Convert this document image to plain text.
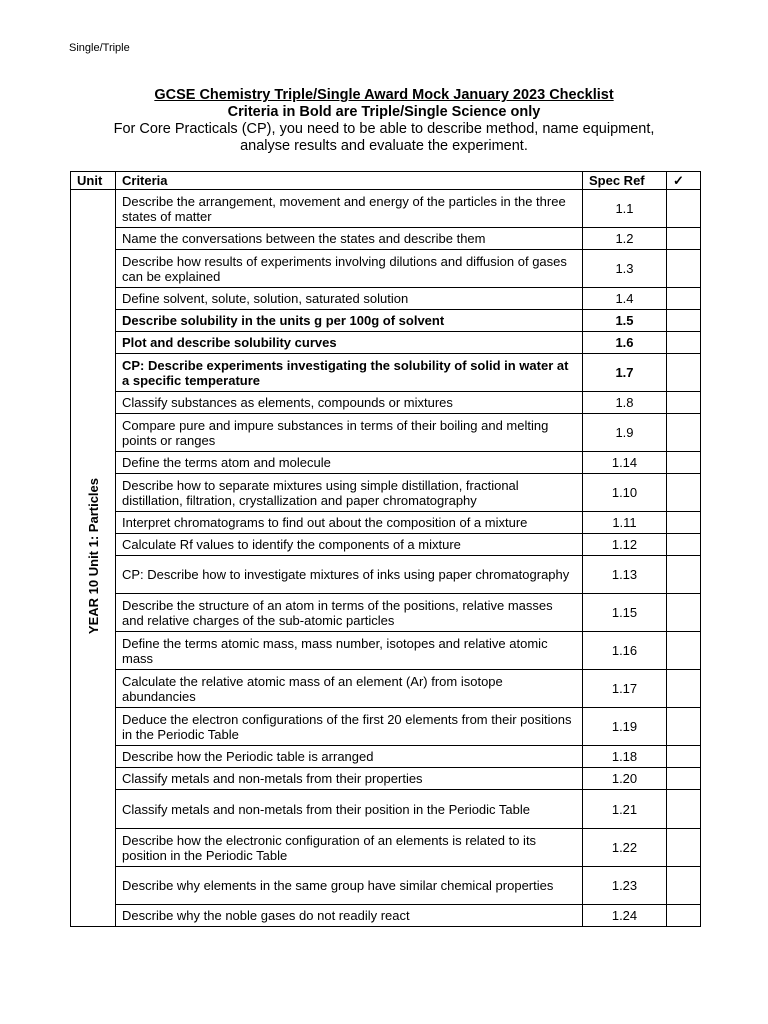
Single/Triple
GCSE Chemistry Triple/Single Award Mock January 2023 Checklist
Criteria in Bold are Triple/Single Science only
For Core Practicals (CP), you need to be able to describe method, name equipment,
analyse results and evaluate the experiment.
Unit	Criteria	Spec Ref	✓
YEAR 10 Unit 1: Particles	Describe the arrangement, movement and energy of the particles in the three states of matter	1.1	
	Name the conversations between the states and describe them	1.2	
	Describe how results of experiments involving dilutions and diffusion of gases can be explained	1.3	
	Define solvent, solute, solution, saturated solution	1.4	
	Describe solubility in the units g per 100g of solvent	1.5	
	Plot and describe solubility curves	1.6	
	CP: Describe experiments investigating the solubility of solid in water at a specific temperature	1.7	
	Classify substances as elements, compounds or mixtures	1.8	
	Compare pure and impure substances in terms of their boiling and melting points or ranges	1.9	
	Define the terms atom and molecule	1.14	
	Describe how to separate mixtures using simple distillation, fractional distillation, filtration, crystallization and paper chromatography	1.10	
	Interpret chromatograms to find out about the composition of a mixture	1.11	
	Calculate Rf values to identify the components of a mixture	1.12	
	CP: Describe how to investigate mixtures of inks using paper chromatography	1.13	
	Describe the structure of an atom in terms of the positions, relative masses and relative charges of the sub-atomic particles	1.15	
	Define the terms atomic mass, mass number, isotopes and relative atomic mass	1.16	
	Calculate the relative atomic mass of an element (Ar) from isotope abundancies	1.17	
	Deduce the electron configurations of the first 20 elements from their positions in the Periodic Table	1.19	
	Describe how the Periodic table is arranged	1.18	
	Classify metals and non-metals from their properties	1.20	
	Classify metals and non-metals from their position in the Periodic Table	1.21	
	Describe how the electronic configuration of an elements is related to its position in the Periodic Table	1.22	
	Describe why elements in the same group have similar chemical properties	1.23	
	Describe why the noble gases do not readily react	1.24	
